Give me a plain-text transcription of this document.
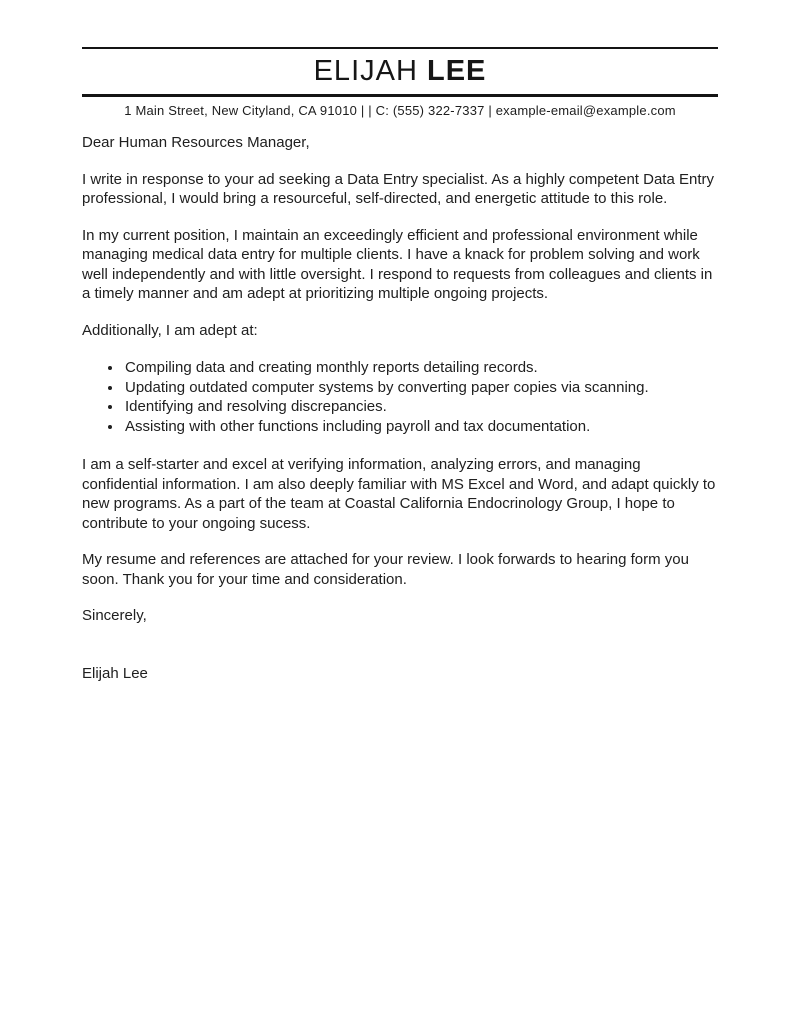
ELIJAH LEE

1 Main Street, New Cityland, CA 91010 | | C: (555) 322-7337 | example-email@example.com

Dear Human Resources Manager,

I write in response to your ad seeking a Data Entry specialist. As a highly competent Data Entry professional, I would bring a resourceful, self-directed, and energetic attitude to this role.

In my current position, I maintain an exceedingly efficient and professional environment while managing medical data entry for multiple clients. I have a knack for problem solving and work well independently and with little oversight. I respond to requests from colleagues and clients in a timely manner and am adept at prioritizing multiple ongoing projects.

Additionally, I am adept at:

• Compiling data and creating monthly reports detailing records.
• Updating outdated computer systems by converting paper copies via scanning.
• Identifying and resolving discrepancies.
• Assisting with other functions including payroll and tax documentation.

I am a self-starter and excel at verifying information, analyzing errors, and managing confidential information. I am also deeply familiar with MS Excel and Word, and adapt quickly to new programs. As a part of the team at Coastal California Endocrinology Group, I hope to contribute to your ongoing sucess.

My resume and references are attached for your review. I look forwards to hearing form you soon. Thank you for your time and consideration.

Sincerely,

Elijah Lee
